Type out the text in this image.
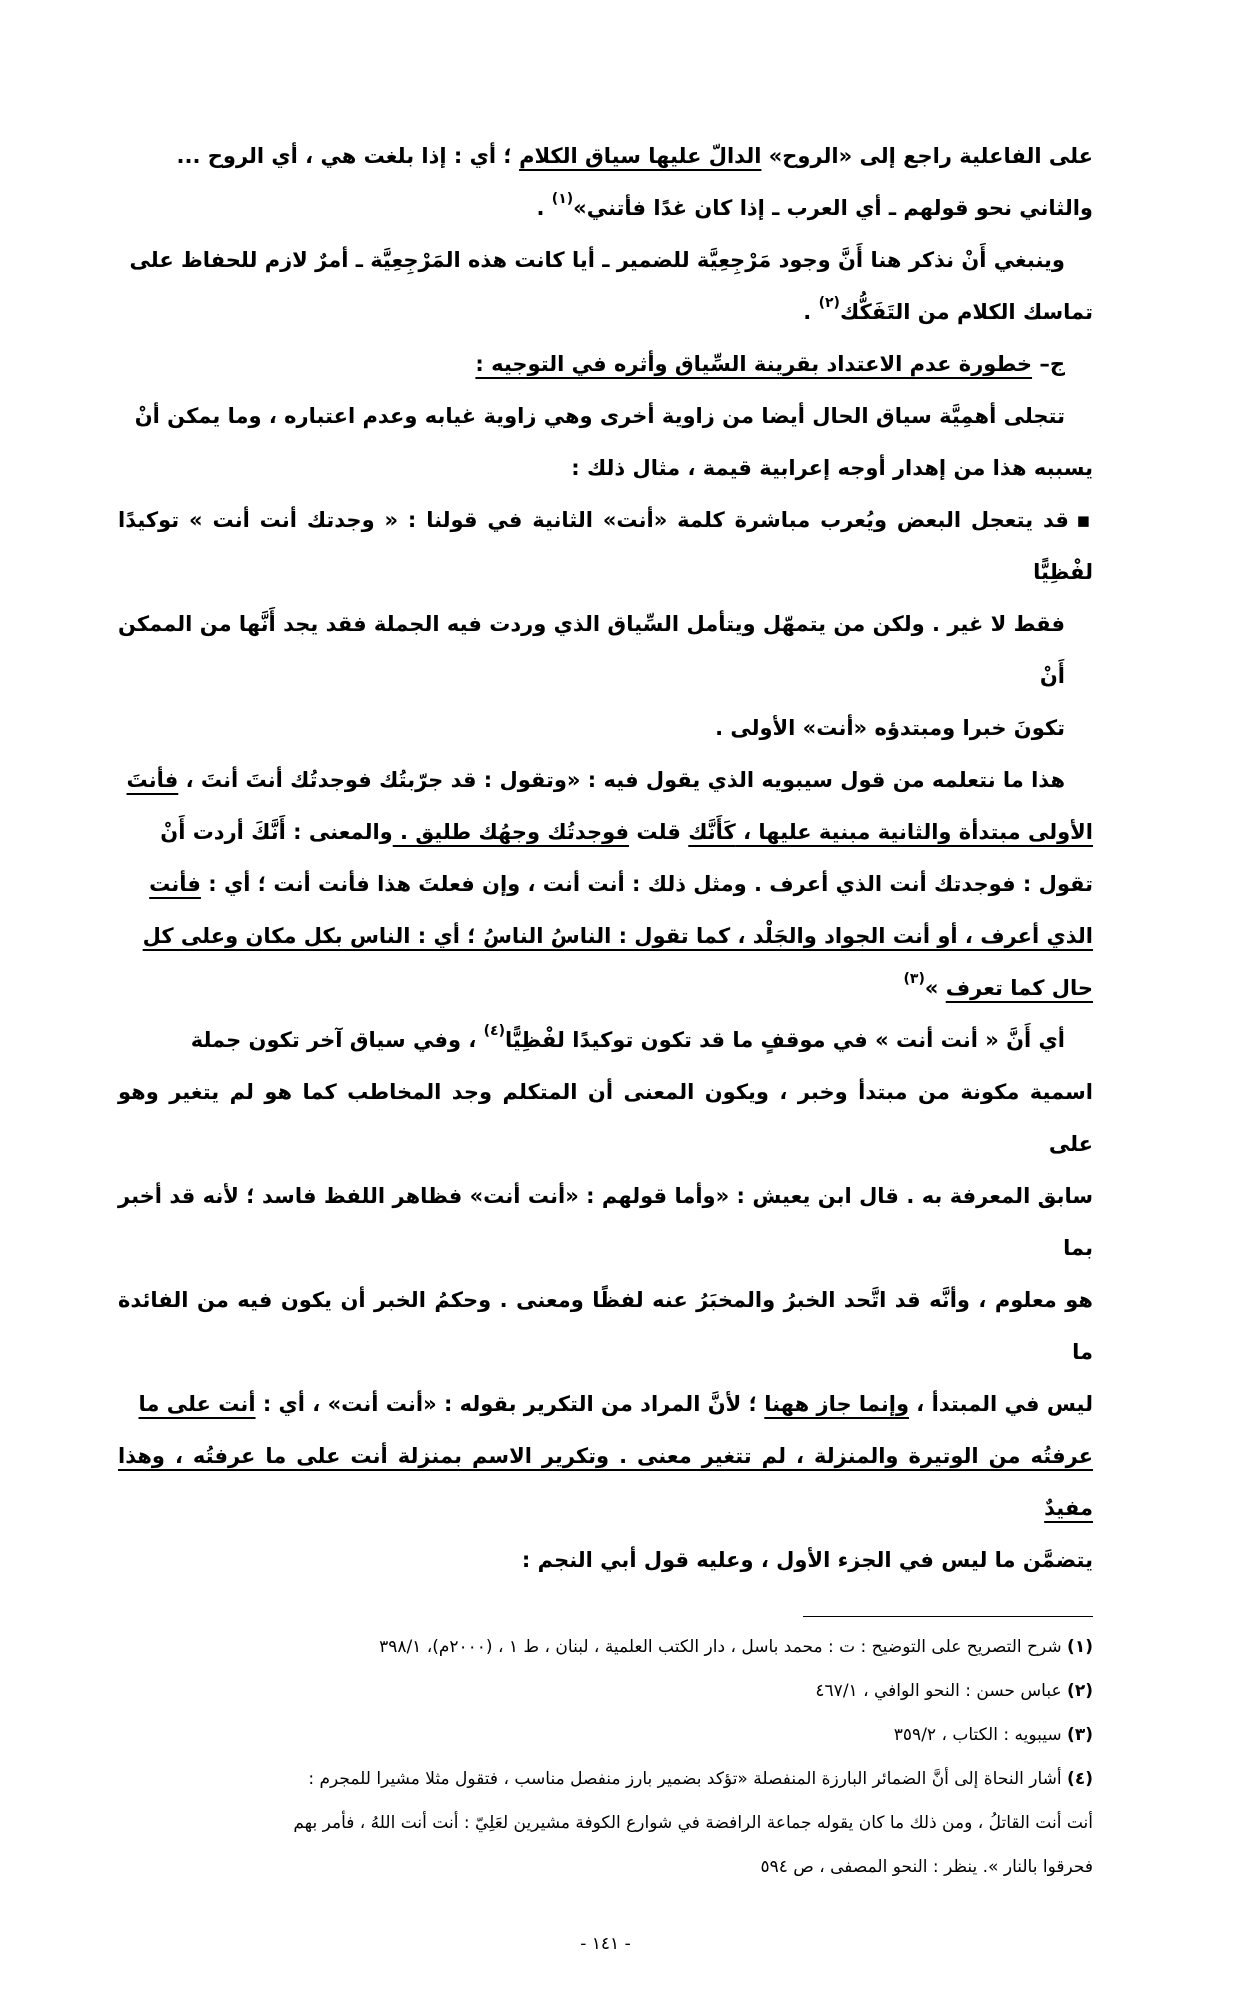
على الفاعلية راجع إلى «الروح» الدالّ عليها سياق الكلام ؛ أي : إذا بلغت هي ، أي الروح ...
والثاني نحو قولهم ـ أي العرب ـ إذا كان غدًا فأتني»$^{(١)}$ .
وينبغي أَنْ نذكر هنا أَنَّ وجود مَرْجِعِيَّة للضمير ـ أيا كانت هذه المَرْجِعِيَّة ـ أمرٌ لازم للحفاظ على
تماسك الكلام من التَفَكُّك$^{(٢)}$ .
ج– خطورة عدم الاعتداد بقرينة السِّياق وأثره في التوجيه :
تتجلى أهمِيَّة سياق الحال أيضا من زاوية أخرى وهي زاوية غيابه وعدم اعتباره ، وما يمكن أنْ
يسببه هذا من إهدار أوجه إعرابية قيمة ، مثال ذلك :
▪ قد يتعجل البعض ويُعرب مباشرة كلمة «أنت» الثانية في قولنا : « وجدتك أنت أنت » توكيدًا لفْظِيًّا
فقط لا غير . ولكن من يتمهّل ويتأمل السِّياق الذي وردت فيه الجملة فقد يجد أَنَّها من الممكن أَنْ
تكونَ خبرا ومبتدؤه «أنت» الأولى .
هذا ما نتعلمه من قول سيبويه الذي يقول فيه : «وتقول : قد جرّبتُك فوجدتُك أنتَ أنتَ ، فأنتَ
الأولى مبتدأة والثانية مبنية عليها ، كَأَنَّك قلت فوجدتُك وجهُك طليق . والمعنى : أَنَّكَ أردت أَنْ
تقول : فوجدتك أنت الذي أعرف . ومثل ذلك : أنت أنت ، وإن فعلتَ هذا فأنت أنت ؛ أي : فأنت
الذي أعرف ، أو أنت الجواد والجَلْد ، كما تقول : الناسُ الناسُ ؛ أي : الناس بكل مكان وعلى كل
حال كما تعرف »$^{(٣)}$
أي أَنَّ « أنت أنت » في موقفٍ ما قد تكون توكيدًا لفْظِيًّا$^{(٤)}$ ، وفي سياق آخر تكون جملة
اسمية مكونة من مبتدأ وخبر ، ويكون المعنى أن المتكلم وجد المخاطب كما هو لم يتغير وهو على
سابق المعرفة به . قال ابن يعيش : «وأما قولهم : «أنت أنت» فظاهر اللفظ فاسد ؛ لأنه قد أخبر بما
هو معلوم ، وأنَّه قد اتَّحد الخبرُ والمخبَرُ عنه لفظًا ومعنى . وحكمُ الخبر أن يكون فيه من الفائدة ما
ليس في المبتدأ ، وإنما جاز ههنا ؛ لأنَّ المراد من التكرير بقوله : «أنت أنت» ، أي : أنت على ما
عرفتُه من الوتيرة والمنزلة ، لم تتغير معنى . وتكرير الاسم بمنزلة أنت على ما عرفتُه ، وهذا مفيدٌ
يتضمَّن ما ليس في الجزء الأول ، وعليه قول أبي النجم :
(١) شرح التصريح على التوضيح : ت : محمد باسل ، دار الكتب العلمية ، لبنان ، ط ١ ، (٢٠٠٠م)، ٣٩٨/١
(٢) عباس حسن : النحو الوافي ، ٤٦٧/١
(٣) سيبويه : الكتاب ، ٣٥٩/٢
(٤) أشار النحاة إلى أنَّ الضمائر البارزة المنفصلة «تؤكد بضمير بارز منفصل مناسب ، فتقول مثلا مشيرا للمجرم :
أنت أنت القاتلُ ، ومن ذلك ما كان يقوله جماعة الرافضة في شوارع الكوفة مشيرين لعَلِيّ : أنت أنت اللهُ ، فأمر بهم
فحرقوا بالنار ». ينظر : النحو المصفى ، ص ٥٩٤
- ١٤١ -
